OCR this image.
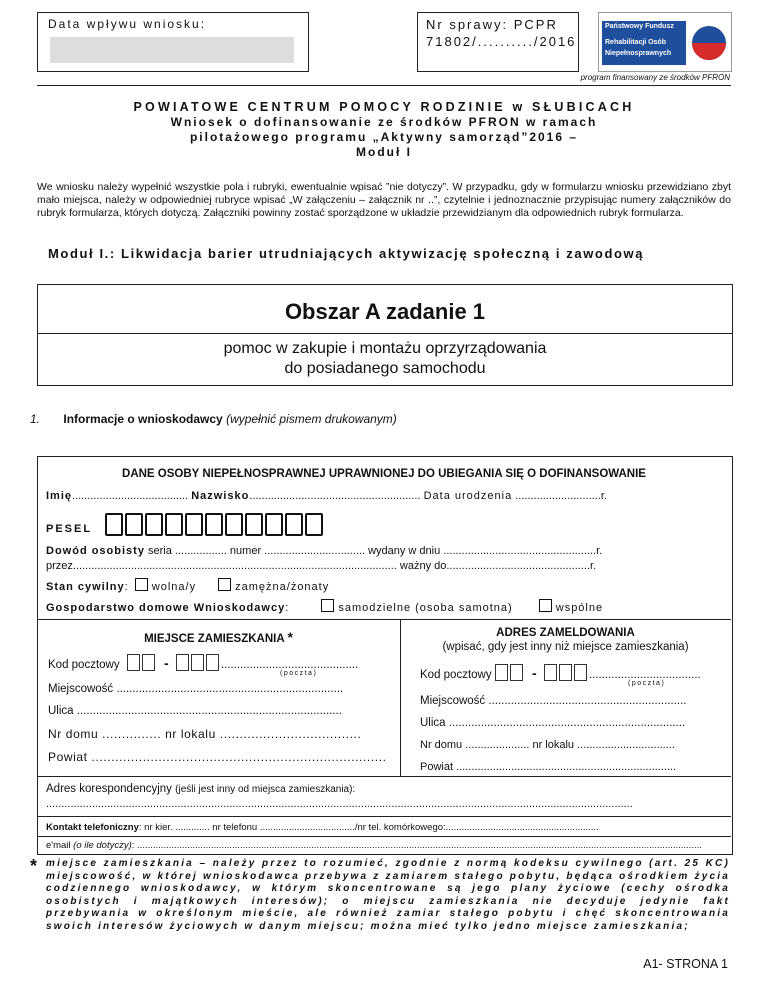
Data wpływu wniosku:	Nr sprawy: PCPR
71802/........../2016
Państwowy Fundusz
Rehabilitacji Osób
Niepełnosprawnych
program finansowany ze środków PFRON
POWIATOWE CENTRUM POMOCY RODZINIE w SŁUBICACH
Wniosek o dofinansowanie ze środków PFRON w ramach
pilotażowego programu „Aktywny samorząd”2016 –
Moduł I
We wniosku należy wypełnić wszystkie pola i rubryki, ewentualnie wpisać ”nie dotyczy”. W przypadku, gdy w formularzu wniosku przewidziano zbyt mało miejsca, należy w odpowiedniej rubryce wpisać „W załączeniu – załącznik nr ..”, czytelnie i jednoznacznie przypisując numery załączników do rubryk formularza, których dotyczą. Załączniki powinny zostać sporządzone w układzie przewidzianym dla odpowiednich rubryk formularza.
Moduł I.: Likwidacja barier utrudniających aktywizację społeczną i zawodową
Obszar A zadanie 1
pomoc w zakupie i montażu oprzyrządowania
do posiadanego samochodu
1. Informacje o wnioskodawcy (wypełnić pismem drukowanym)
DANE OSOBY NIEPEŁNOSPRAWNEJ UPRAWNIONEJ DO UBIEGANIA SIĘ O DOFINANSOWANIE
Imię...................................... Nazwisko........................................................ Data urodzenia ............................r.
PESEL
Dowód osobisty seria ................. numer ................................. wydany w dniu ..................................................r.
przez.......................................................................................................... ważny do...............................................r.
Stan cywilny: wolna/y	zamężna/żonaty
Gospodarstwo domowe Wnioskodawcy:	samodzielne (osoba samotna)	wspólne
MIEJSCE ZAMIESZKANIA *
Kod pocztowy	-	...........................................
(poczta)
Miejscowość .......................................................................
Ulica ...................................................................................
Nr domu ............... nr lokalu ....................................
Powiat ...........................................................................
ADRES ZAMELDOWANIA
(wpisać, gdy jest inny niż miejsce zamieszkania)
Kod pocztowy	-	...................................
(poczta)
Miejscowość ..............................................................
Ulica ..........................................................................
Nr domu ..................... nr lokalu ................................
Powiat ........................................................................
Adres korespondencyjny (jeśli jest inny od miejsca zamieszkania):
................................................................................................................................................................................................
Kontakt telefoniczny: nr kier. ............. nr telefonu ..................................../nr tel. komórkowego:..........................................................
e'mail (o ile dotyczy): ......................................................................................................................................................................................................................
* miejsce zamieszkania – należy przez to rozumieć, zgodnie z normą kodeksu cywilnego (art. 25 KC) miejscowość, w której wnioskodawca przebywa z zamiarem stałego pobytu, będąca ośrodkiem życia codziennego wnioskodawcy, w którym skoncentrowane są jego plany życiowe (cechy ośrodka osobistych i majątkowych interesów); o miejscu zamieszkania nie decyduje jedynie fakt przebywania w określonym mieście, ale również zamiar stałego pobytu i chęć skoncentrowania swoich interesów życiowych w danym miejscu; można mieć tylko jedno miejsce zamieszkania;
A1- STRONA 1
